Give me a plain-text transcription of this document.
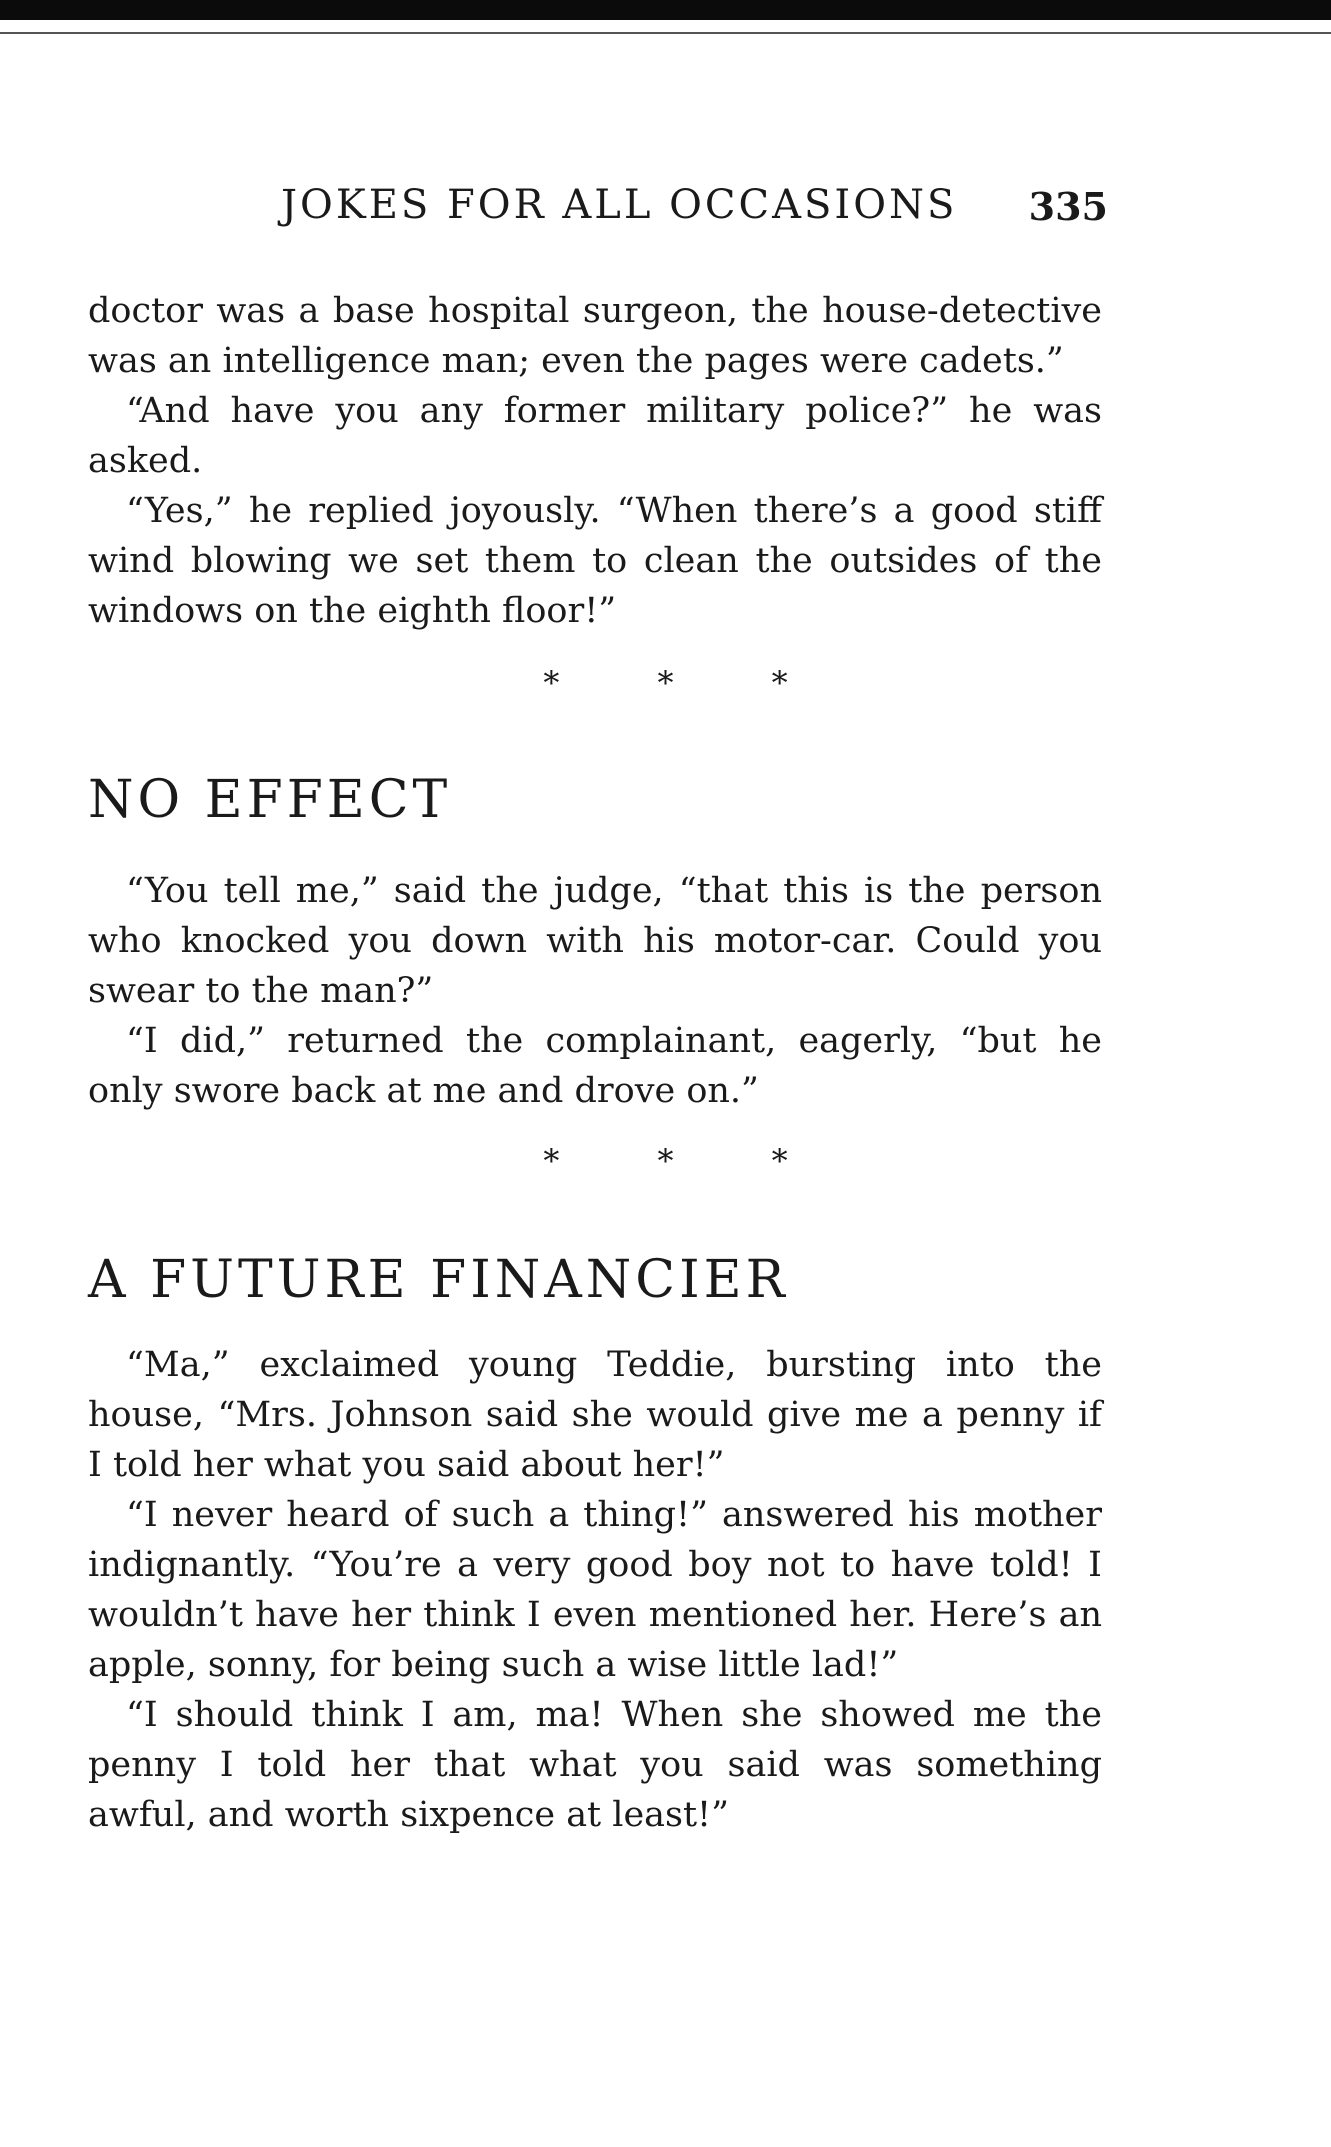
JOKES FOR ALL OCCASIONS 335

doctor was a base hospital surgeon, the house-detective was an intelligence man; even the pages were cadets.”

“And have you any former military police?” he was asked.

“Yes,” he replied joyously. “When there’s a good stiff wind blowing we set them to clean the outsides of the windows on the eighth floor!”

* * *
NO EFFECT

“You tell me,” said the judge, “that this is the person who knocked you down with his motor-car. Could you swear to the man?”

“I did,” returned the complainant, eagerly, “but he only swore back at me and drove on.”

* * *
A FUTURE FINANCIER

“Ma,” exclaimed young Teddie, bursting into the house, “Mrs. Johnson said she would give me a penny if I told her what you said about her!”

“I never heard of such a thing!” answered his mother indignantly. “You’re a very good boy not to have told! I wouldn’t have her think I even mentioned her. Here’s an apple, sonny, for being such a wise little lad!”

“I should think I am, ma! When she showed me the penny I told her that what you said was something awful, and worth sixpence at least!”
